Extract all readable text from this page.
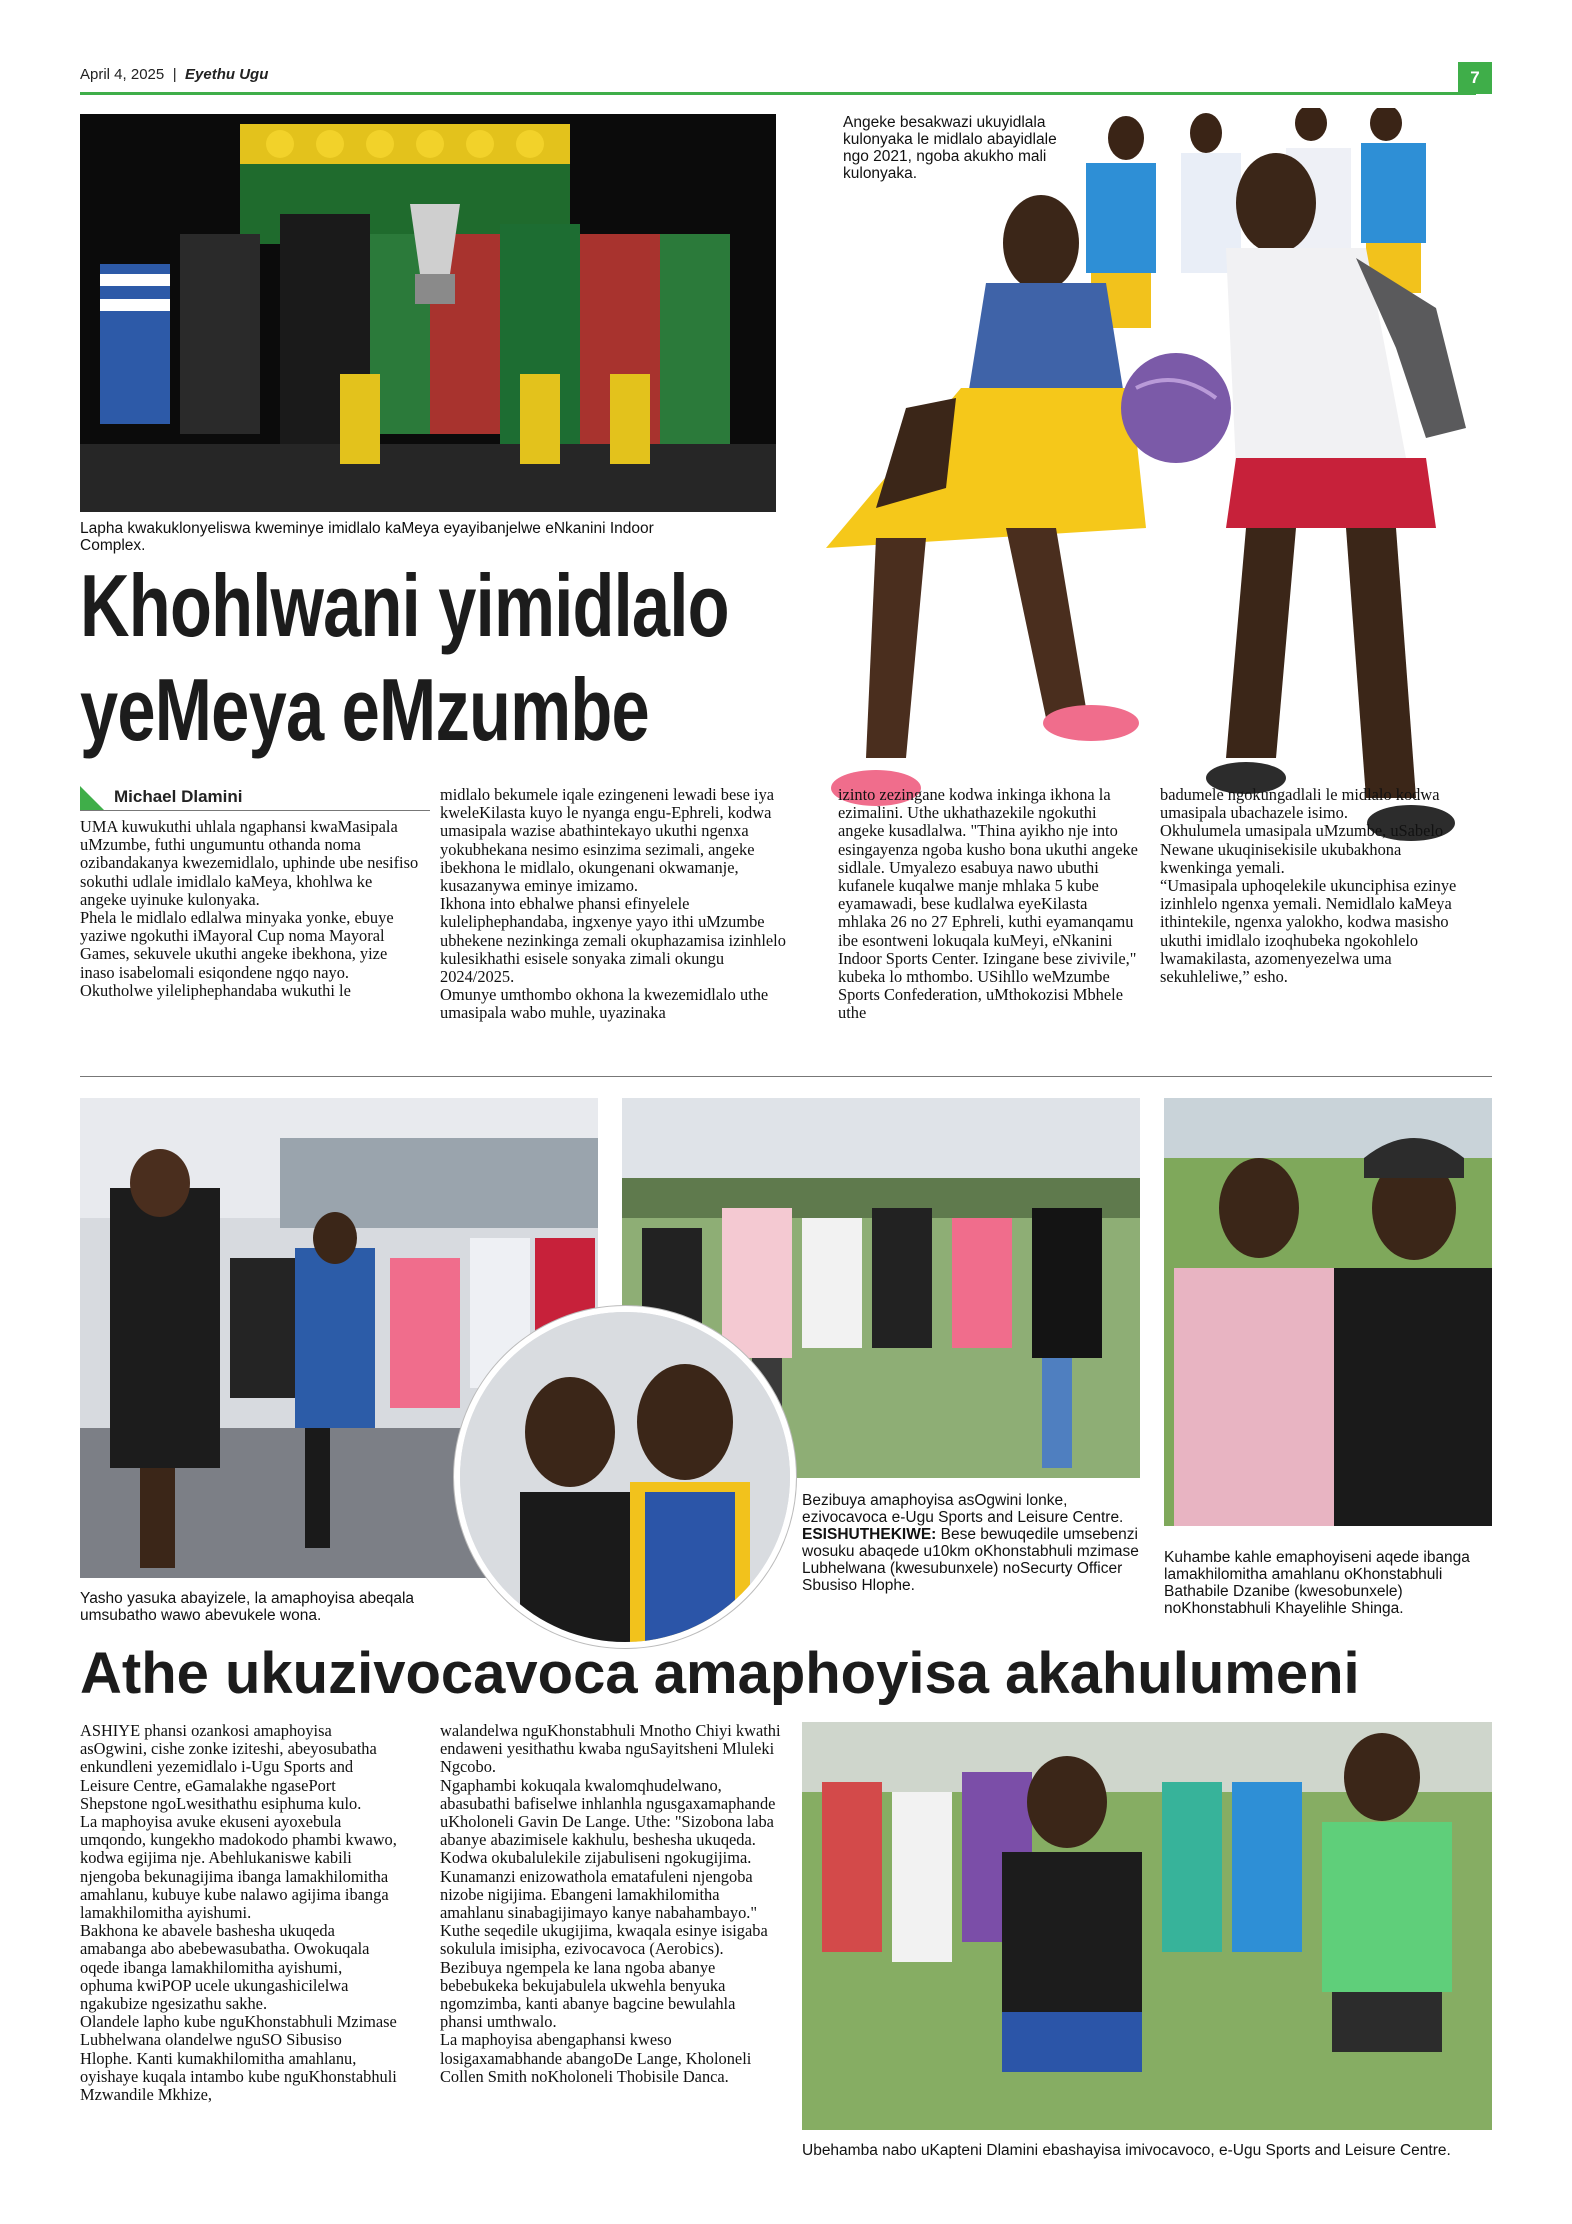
April 4, 2025 | Eyethu Ugu	7
Lapha kwakuklonyeliswa kweminye imidlalo kaMeya eyayibanjelwe eNkanini Indoor Complex.
Angeke besakwazi ukuyidlala kulonyaka le midlalo abayidlale ngo 2021, ngoba akukho mali kulonyaka.
Khohlwani yimidlalo
yeMeya eMzumbe
Michael Dlamini

UMA kuwukuthi uhlala ngaphansi kwaMasipala uMzumbe, futhi ungumuntu othanda noma ozibandakanya kwezemidlalo, uphinde ube nesifiso sokuthi udlale imidlalo kaMeya, khohlwa ke angeke uyinuke kulonyaka.

Phela le midlalo edlalwa minyaka yonke, ebuye yaziwe ngokuthi iMayoral Cup noma Mayoral Games, sekuvele ukuthi angeke ibekhona, yize inaso isabelomali esiqondene ngqo nayo.

Okutholwe yileliphephandaba wukuthi le

midlalo bekumele iqale ezingeneni lewadi bese iya kweleKilasta kuyo le nyanga engu-Ephreli, kodwa umasipala wazise abathintekayo ukuthi ngenxa yokubhekana nesimo esinzima sezimali, angeke ibekhona le midlalo, okungenani okwamanje, kusazanywa eminye imizamo.

Ikhona into ebhalwe phansi efinyelele kuleliphephandaba, ingxenye yayo ithi uMzumbe ubhekene nezinkinga zemali okuphazamisa izinhlelo kulesikhathi esisele sonyaka zimali okungu 2024/2025.

Omunye umthombo okhona la kwezemidlalo uthe umasipala wabo muhle, uyazinaka

izinto zezingane kodwa inkinga ikhona la ezimalini. Uthe ukhathazekile ngokuthi angeke kusadlalwa. "Thina ayikho nje into esingayenza ngoba kusho bona ukuthi angeke sidlale. Umyalezo esabuya nawo ubuthi kufanele kuqalwe manje mhlaka 5 kube eyamawadi, bese kudlalwa eyeKilasta mhlaka 26 no 27 Ephreli, kuthi eyamanqamu ibe esontweni lokuqala kuMeyi, eNkanini Indoor Sports Center. Izingane bese zivivile," kubeka lo mthombo. USihllo weMzumbe Sports Confederation, uMthokozisi Mbhele uthe

badumele ngokungadlali le midlalo kodwa umasipala ubachazele isimo.

Okhulumela umasipala uMzumbe, uSabelo Newane ukuqinisekisile ukubakhona kwenkinga yemali.

“Umasipala uphoqelekile ukunciphisa ezinye izinhlelo ngenxa yemali. Nemidlalo kaMeya ithintekile, ngenxa yalokho, kodwa masisho ukuthi imidlalo izoqhubeka ngokohlelo lwamakilasta, azomenyezelwa uma sekuhleliwe,” esho.

Yasho yasuka abayizele, la amaphoyisa abeqala umsubatho wawo abevukele wona.
Bezibuya amaphoyisa asOgwini lonke, ezivocavoca e-Ugu Sports and Leisure Centre. ESISHUTHEKIWE: Bese bewuqedile umsebenzi wosuku abaqede u10km oKhonstabhuli mzimase Lubhelwana (kwesubunxele) noSecurty Officer Sbusiso Hlophe.
Kuhambe kahle emaphoyiseni aqede ibanga lamakhilomitha amahlanu oKhonstabhuli Bathabile Dzanibe (kwesobunxele) noKhonstabhuli Khayelihle Shinga.
Athe ukuzivocavoca amaphoyisa akahulumeni

ASHIYE phansi ozankosi amaphoyisa asOgwini, cishe zonke iziteshi, abeyosubatha enkundleni yezemidlalo i-Ugu Sports and Leisure Centre, eGamalakhe ngasePort Shepstone ngoLwesithathu esiphuma kulo.

La maphoyisa avuke ekuseni ayoxebula umqondo, kungekho madokodo phambi kwawo, kodwa egijima nje. Abehlukaniswe kabili njengoba bekunagijima ibanga lamakhilomitha amahlanu, kubuye kube nalawo agijima ibanga lamakhilomitha ayishumi.

Bakhona ke abavele bashesha ukuqeda amabanga abo abebewasubatha. Owokuqala oqede ibanga lamakhilomitha ayishumi, ophuma kwiPOP ucele ukungashicilelwa ngakubize ngesizathu sakhe.

Olandele lapho kube nguKhonstabhuli Mzimase Lubhelwana olandelwe nguSO Sibusiso Hlophe. Kanti kumakhilomitha amahlanu, oyishaye kuqala intambo kube nguKhonstabhuli Mzwandile Mkhize,

walandelwa nguKhonstabhuli Mnotho Chiyi kwathi endaweni yesithathu kwaba nguSayitsheni Mluleki Ngcobo.

Ngaphambi kokuqala kwalomqhudelwano, abasubathi bafiselwe inhlanhla ngusgaxamaphande uKholoneli Gavin De Lange. Uthe: "Sizobona laba abanye abazimisele kakhulu, beshesha ukuqeda. Kodwa okubalulekile zijabuliseni ngokugijima. Kunamanzi enizowathola ematafuleni njengoba nizobe nigijima. Ebangeni lamakhilomitha amahlanu sinabagijimayo kanye nabahambayo."

Kuthe seqedile ukugijima, kwaqala esinye isigaba sokulula imisipha, ezivocavoca (Aerobics). Bezibuya ngempela ke lana ngoba abanye bebebukeka bekujabulela ukwehla benyuka ngomzimba, kanti abanye bagcine bewulahla phansi umthwalo.

La maphoyisa abengaphansi kweso losigaxamabhande abangoDe Lange, Kholoneli Collen Smith noKholoneli Thobisile Danca.

Ubehamba nabo uKapteni Dlamini ebashayisa imivocavoco, e-Ugu Sports and Leisure Centre.
